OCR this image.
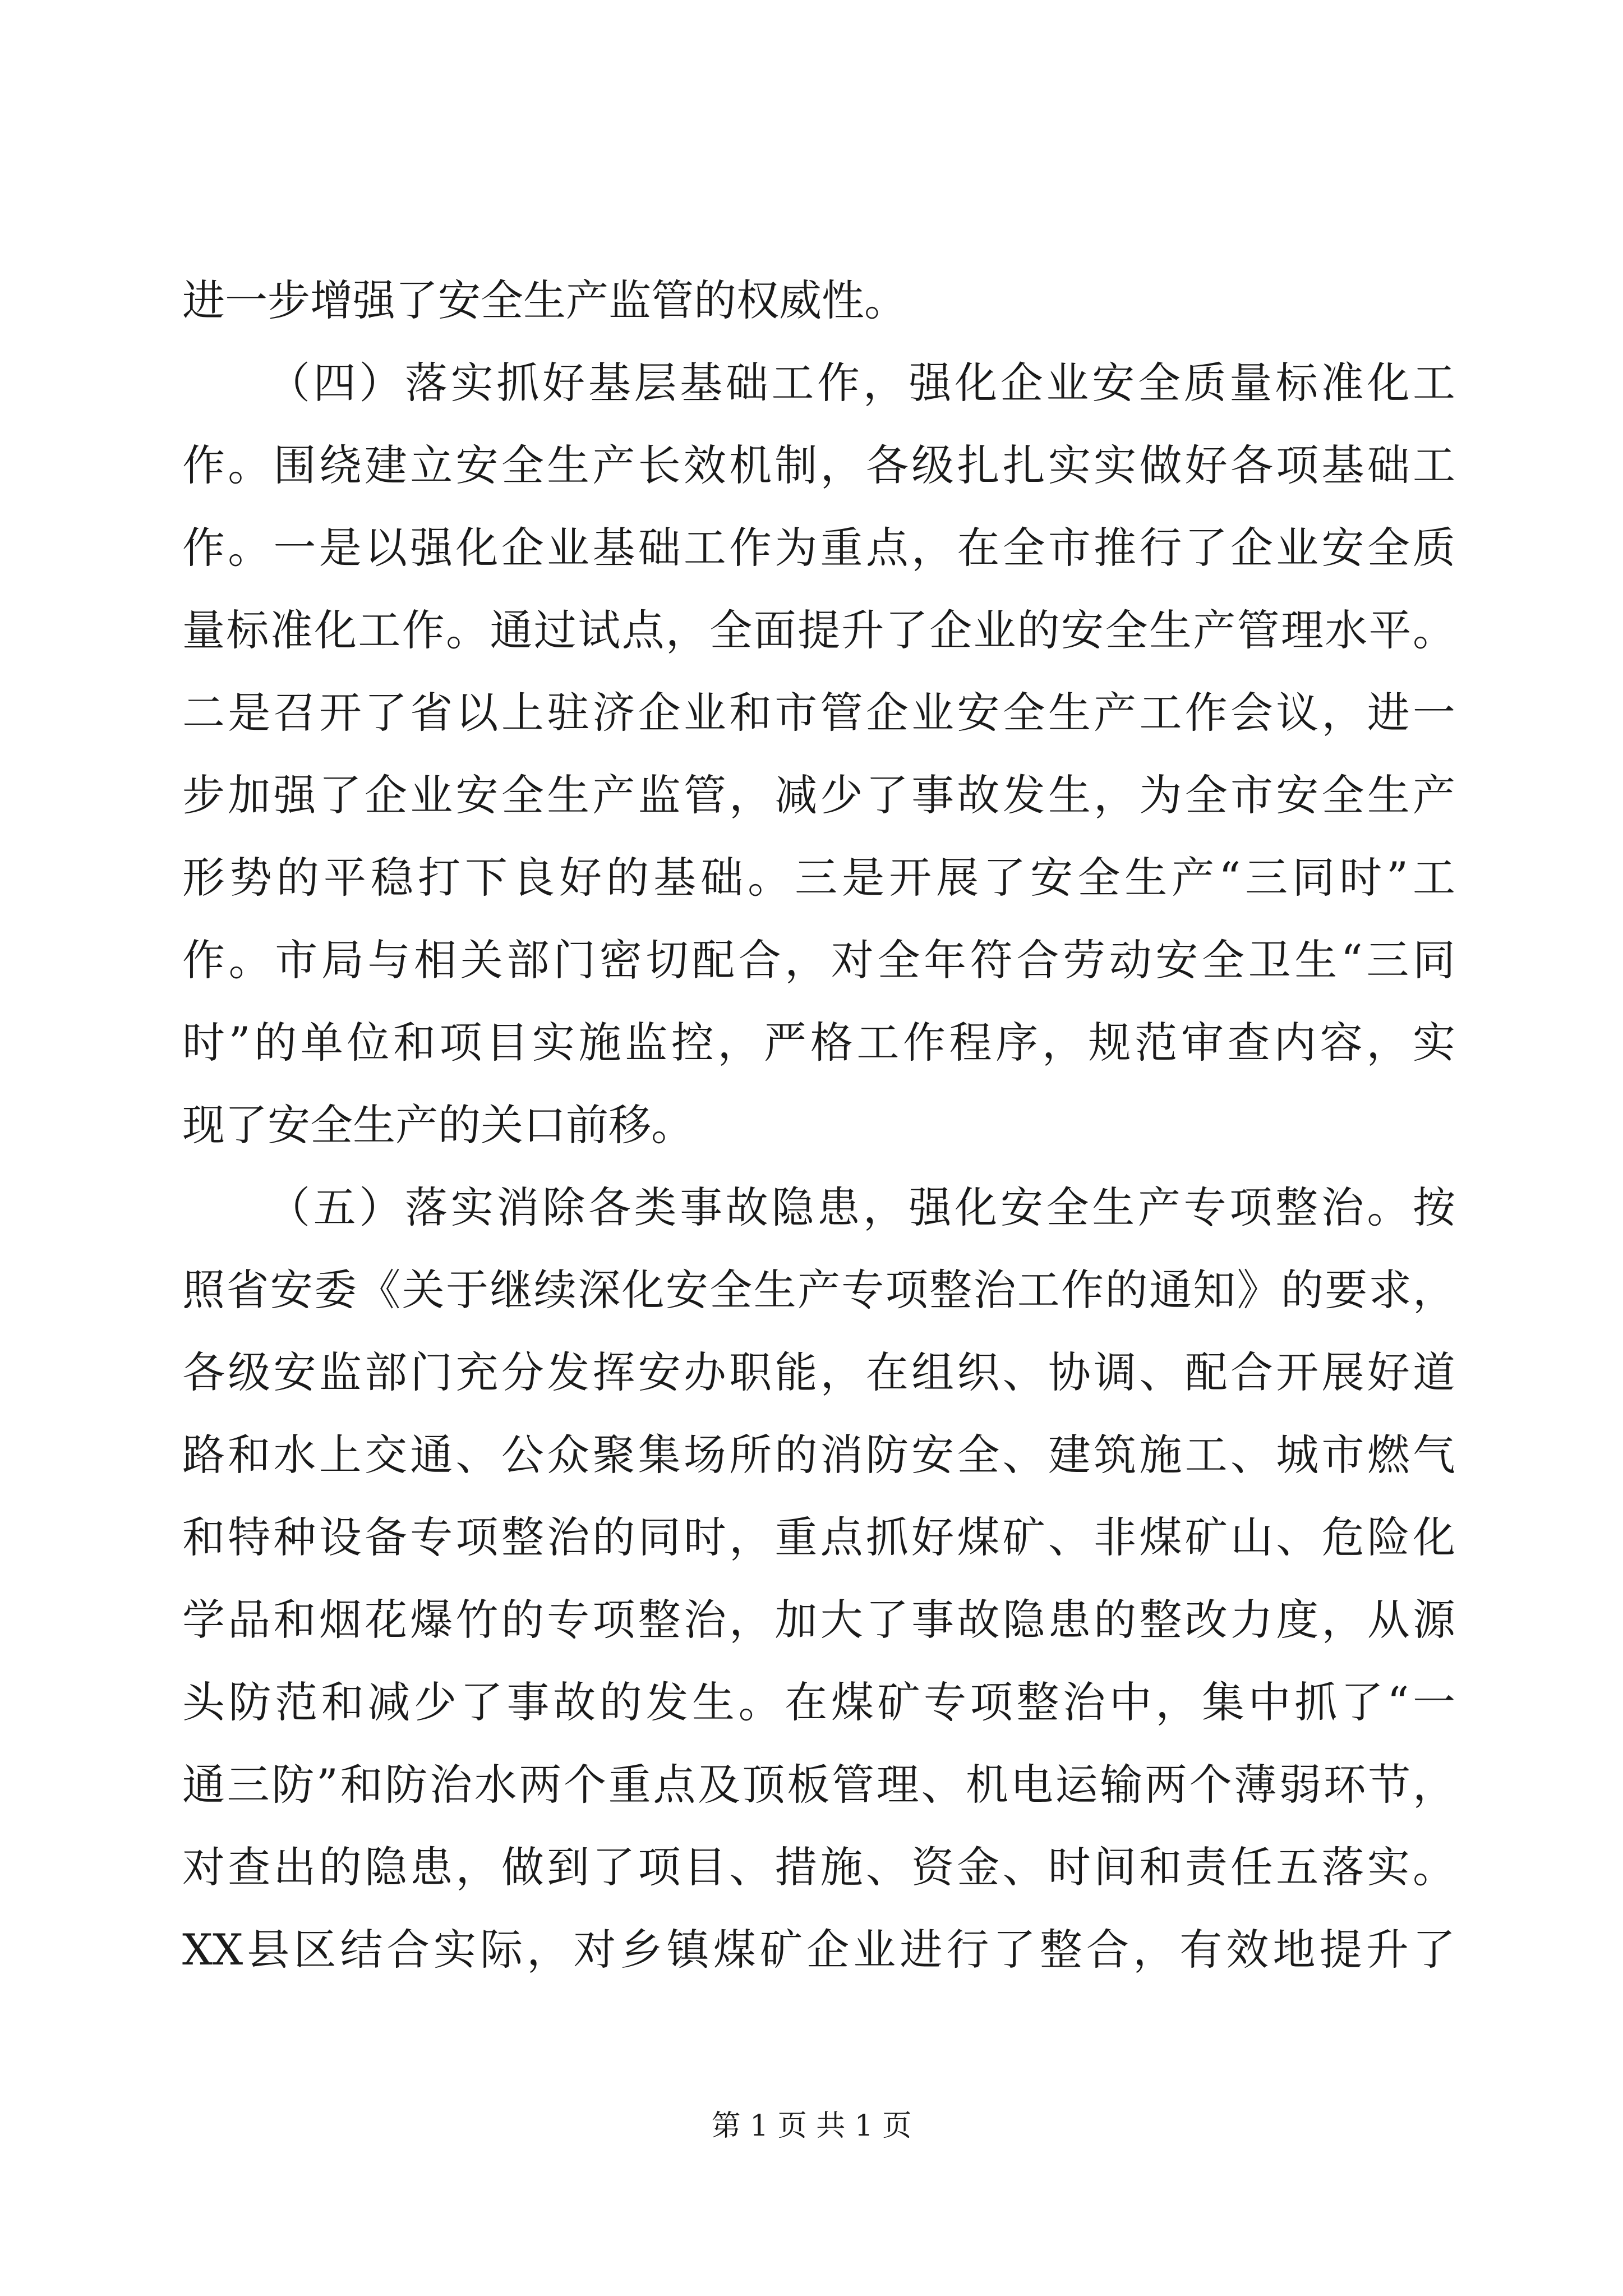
进一步增强了安全生产监管的权威性。
（四）落实抓好基层基础工作，强化企业安全质量标准化工
作。围绕建立安全生产长效机制，各级扎扎实实做好各项基础工
作。一是以强化企业基础工作为重点，在全市推行了企业安全质
量标准化工作。通过试点，全面提升了企业的安全生产管理水平。
二是召开了省以上驻济企业和市管企业安全生产工作会议，进一
步加强了企业安全生产监管，减少了事故发生，为全市安全生产
形势的平稳打下良好的基础。三是开展了安全生产“三同时”工
作。市局与相关部门密切配合，对全年符合劳动安全卫生“三同
时”的单位和项目实施监控，严格工作程序，规范审查内容，实
现了安全生产的关口前移。
（五）落实消除各类事故隐患，强化安全生产专项整治。按
照省安委《关于继续深化安全生产专项整治工作的通知》的要求，
各级安监部门充分发挥安办职能，在组织、协调、配合开展好道
路和水上交通、公众聚集场所的消防安全、建筑施工、城市燃气
和特种设备专项整治的同时，重点抓好煤矿、非煤矿山、危险化
学品和烟花爆竹的专项整治，加大了事故隐患的整改力度，从源
头防范和减少了事故的发生。在煤矿专项整治中，集中抓了“一
通三防”和防治水两个重点及顶板管理、机电运输两个薄弱环节，
对查出的隐患，做到了项目、措施、资金、时间和责任五落实。
XX县区结合实际，对乡镇煤矿企业进行了整合，有效地提升了
第 1 页 共 1 页
